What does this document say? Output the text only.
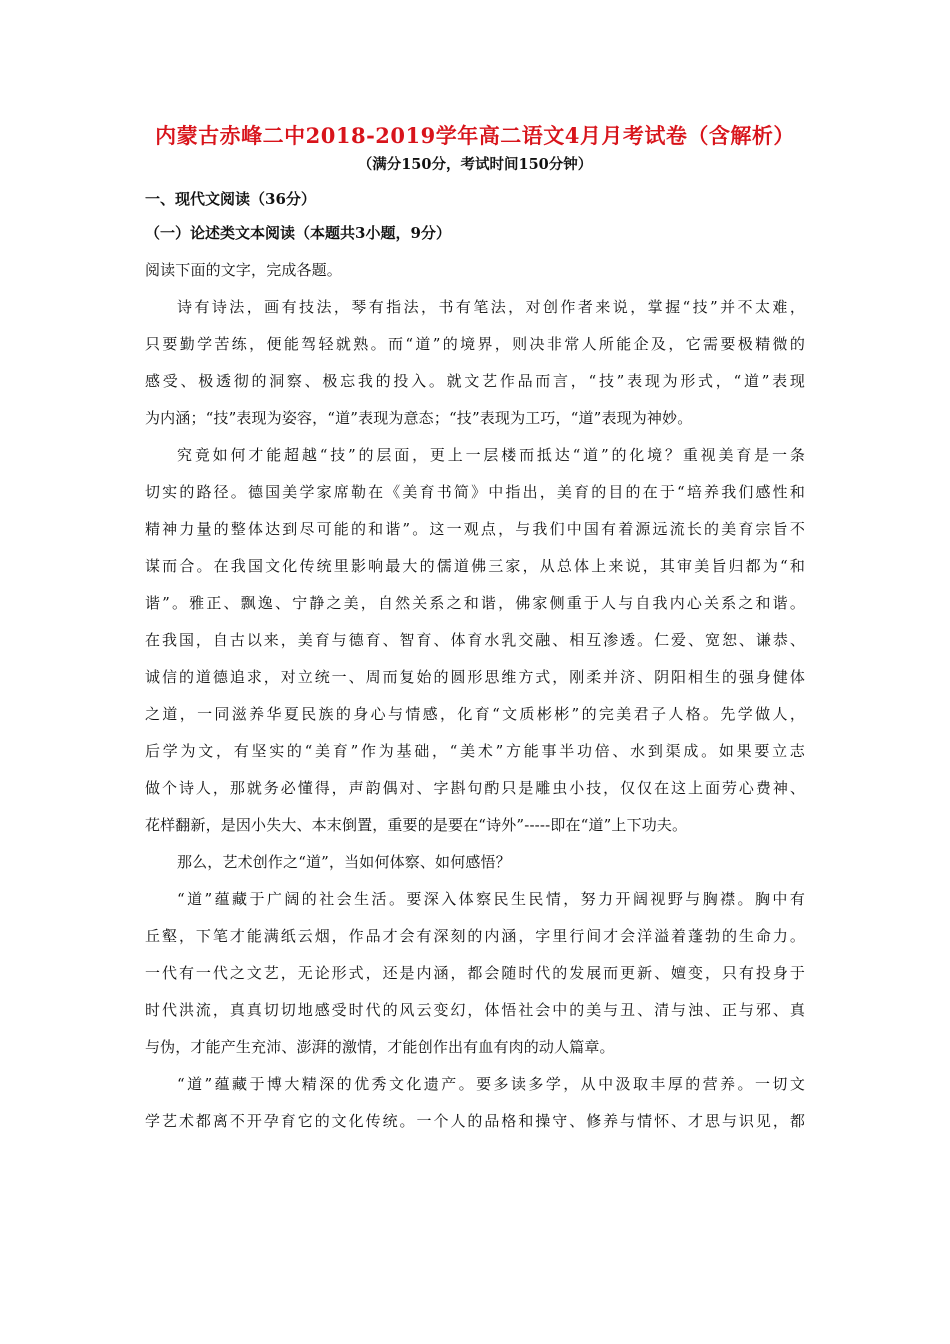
内蒙古赤峰二中2018-2019学年高二语文4月月考试卷（含解析）
（满分150分，考试时间150分钟）
一、现代文阅读（36分）
（一）论述类文本阅读（本题共3小题，9分）
阅读下面的文字，完成各题。
诗有诗法，画有技法，琴有指法，书有笔法，对创作者来说，掌握“技”并不太难，
只要勤学苦练，便能驾轻就熟。而“道”的境界，则决非常人所能企及，它需要极精微的
感受、极透彻的洞察、极忘我的投入。就文艺作品而言，“技”表现为形式，“道”表现
为内涵；“技”表现为姿容，“道”表现为意态；“技”表现为工巧，“道”表现为神妙。
究竟如何才能超越“技”的层面，更上一层楼而抵达“道”的化境？重视美育是一条
切实的路径。德国美学家席勒在《美育书简》中指出，美育的目的在于“培养我们感性和
精神力量的整体达到尽可能的和谐”。这一观点，与我们中国有着源远流长的美育宗旨不
谋而合。在我国文化传统里影响最大的儒道佛三家，从总体上来说，其审美旨归都为“和
谐”。雅正、飘逸、宁静之美，自然关系之和谐，佛家侧重于人与自我内心关系之和谐。
在我国，自古以来，美育与德育、智育、体育水乳交融、相互渗透。仁爱、宽恕、谦恭、
诚信的道德追求，对立统一、周而复始的圆形思维方式，刚柔并济、阴阳相生的强身健体
之道，一同滋养华夏民族的身心与情感，化育“文质彬彬”的完美君子人格。先学做人，
后学为文，有坚实的“美育”作为基础，“美术”方能事半功倍、水到渠成。如果要立志
做个诗人，那就务必懂得，声韵偶对、字斟句酌只是雕虫小技，仅仅在这上面劳心费神、
花样翻新，是因小失大、本末倒置，重要的是要在“诗外”-----即在“道”上下功夫。
那么，艺术创作之“道”，当如何体察、如何感悟？
“道”蕴藏于广阔的社会生活。要深入体察民生民情，努力开阔视野与胸襟。胸中有
丘壑，下笔才能满纸云烟，作品才会有深刻的内涵，字里行间才会洋溢着蓬勃的生命力。
一代有一代之文艺，无论形式，还是内涵，都会随时代的发展而更新、嬗变，只有投身于
时代洪流，真真切切地感受时代的风云变幻，体悟社会中的美与丑、清与浊、正与邪、真
与伪，才能产生充沛、澎湃的激情，才能创作出有血有肉的动人篇章。
“道”蕴藏于博大精深的优秀文化遗产。要多读多学，从中汲取丰厚的营养。一切文
学艺术都离不开孕育它的文化传统。一个人的品格和操守、修养与情怀、才思与识见，都
